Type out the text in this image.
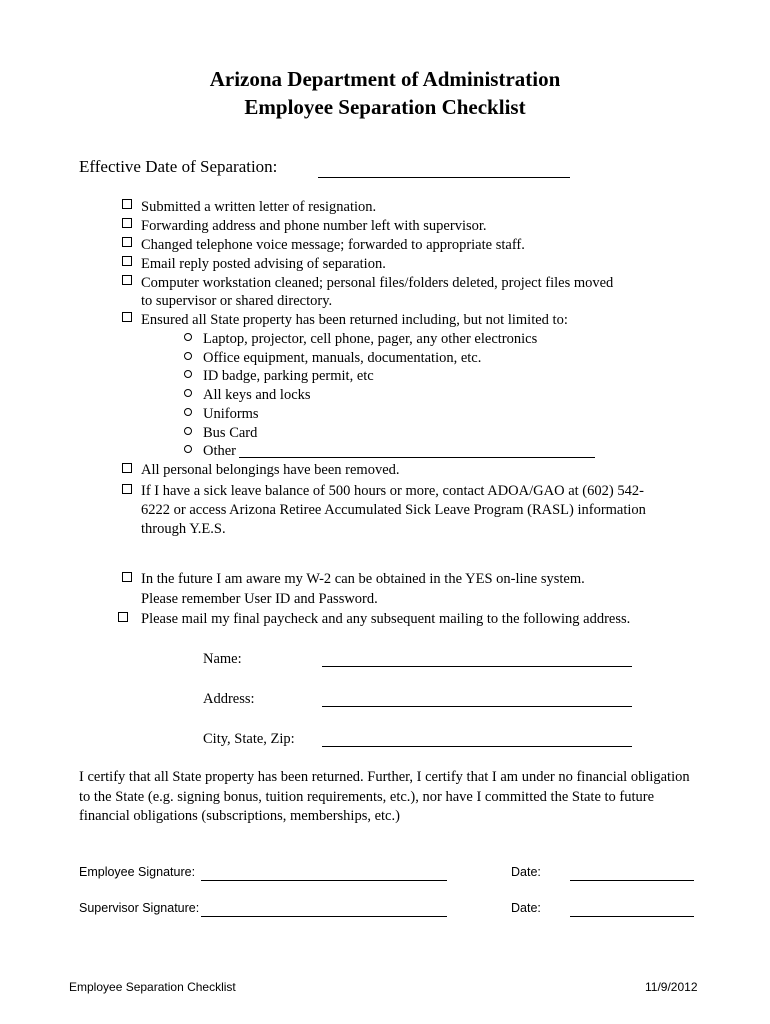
Arizona Department of Administration
Employee Separation Checklist
Effective Date of Separation:
Submitted a written letter of resignation.
Forwarding address and phone number left with supervisor.
Changed telephone voice message; forwarded to appropriate staff.
Email reply posted advising of separation.
Computer workstation cleaned; personal files/folders deleted, project files moved
to supervisor or shared directory.
Ensured all State property has been returned including, but not limited to:
Laptop, projector, cell phone, pager, any other electronics
Office equipment, manuals, documentation, etc.
ID badge, parking permit, etc
All keys and locks
Uniforms
Bus Card
Other
All personal belongings have been removed.
If I have a sick leave balance of 500 hours or more, contact ADOA/GAO at (602) 542-
6222 or access Arizona Retiree Accumulated Sick Leave Program (RASL) information
through Y.E.S.
In the future I am aware my W-2 can be obtained in the YES on-line system.
Please remember User ID and Password.
Please mail my final paycheck and any subsequent mailing to the following address.
Name:
Address:
City, State, Zip:
I certify that all State property has been returned. Further, I certify that I am under no financial obligation to the State (e.g. signing bonus, tuition requirements, etc.), nor have I committed the State to future financial obligations (subscriptions, memberships, etc.)
Employee Signature:	Date:
Supervisor Signature:	Date:
Employee Separation Checklist	11/9/2012
